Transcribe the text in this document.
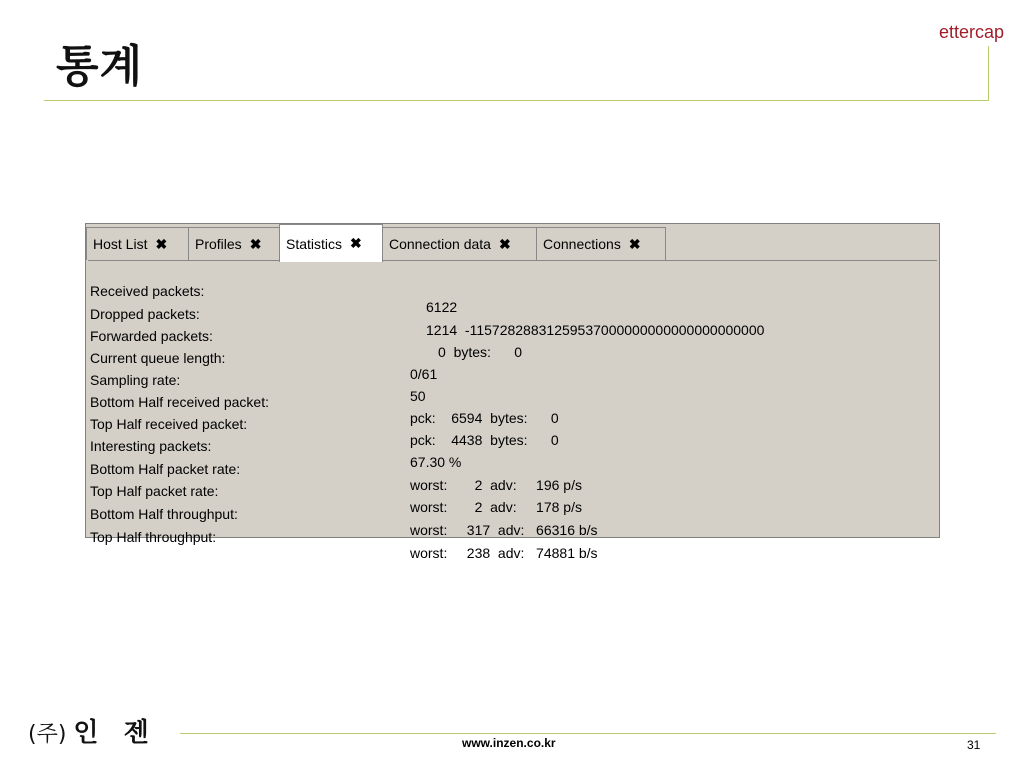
통계
ettercap
Host List ✖ Profiles ✖ Statistics ✖ Connection data ✖ Connections ✖

Received packets:

6122

Dropped packets:

1214  -11572828831259537000000000000000000000

Forwarded packets:

0  bytes:      0

Current queue length:

0/61

Sampling rate:

50

Bottom Half received packet:

pck:    6594  bytes:      0

Top Half received packet:

pck:    4438  bytes:      0

Interesting packets:

67.30 %

Bottom Half packet rate:

worst:       2  adv:     196 p/s

Top Half packet rate:

worst:       2  adv:     178 p/s

Bottom Half throughput:

worst:     317  adv:   66316 b/s

Top Half throughput:

worst:     238  adv:   74881 b/s

(주) 인 젠	www.inzen.co.kr	31
